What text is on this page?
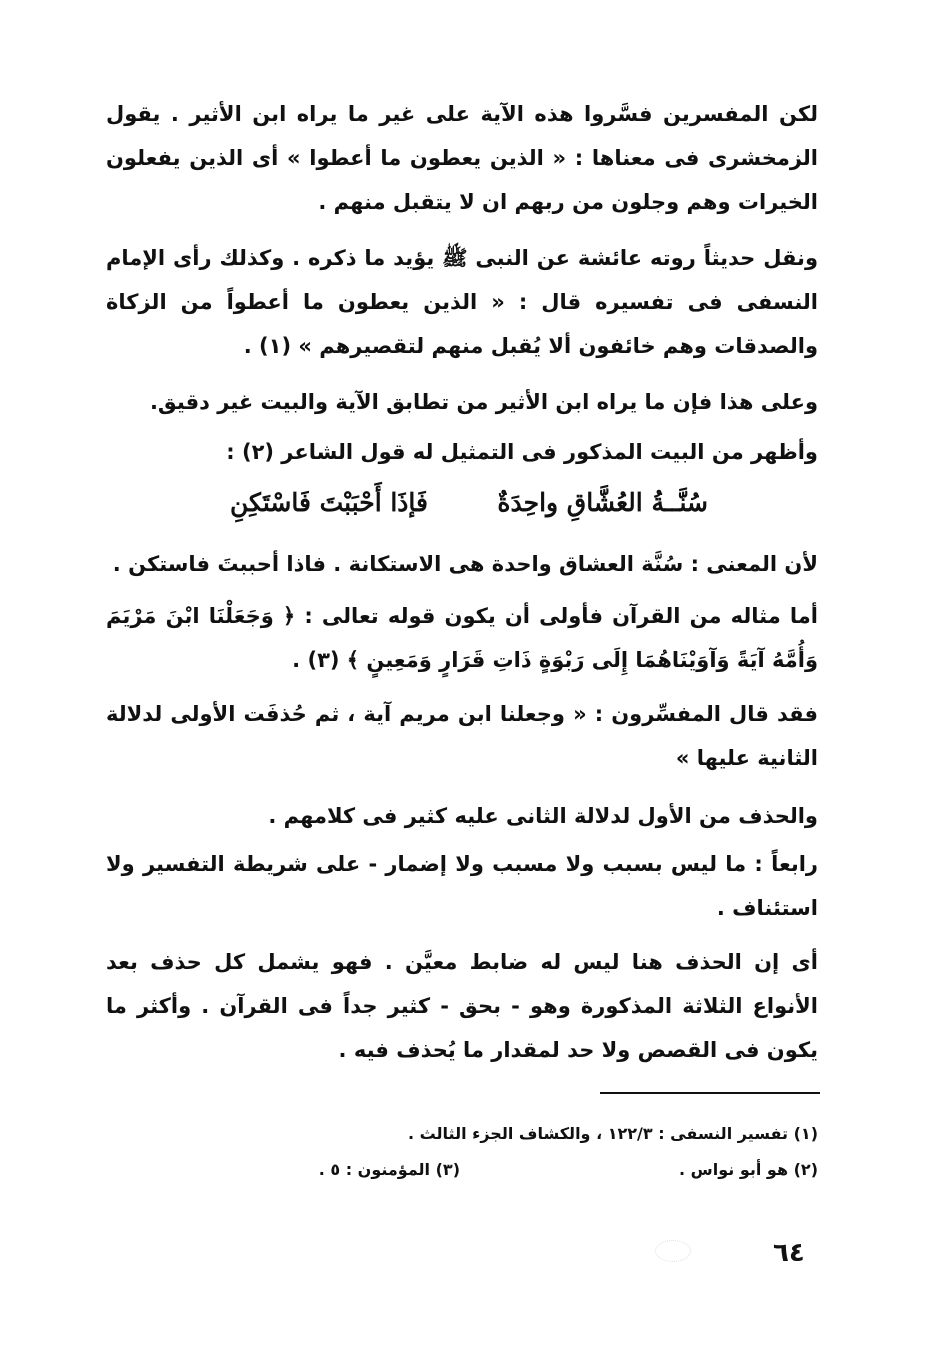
لكن المفسرين فسَّروا هذه الآية على غير ما يراه ابن الأثير . يقول الزمخشرى فى معناها : « الذين يعطون ما أعطوا » أى الذين يفعلون الخيرات وهم وجلون من ربهم ان لا يتقبل منهم .

ونقل حديثاً روته عائشة عن النبى ﷺ يؤيد ما ذكره . وكذلك رأى الإمام النسفى فى تفسيره قال : « الذين يعطون ما أعطواً من الزكاة والصدقات وهم خائفون ألا يُقبل منهم لتقصيرهم » (١) .

وعلى هذا فإن ما يراه ابن الأثير من تطابق الآية والبيت غير دقيق.

وأظهر من البيت المذكور فى التمثيل له قول الشاعر (٢) :

سُنَّــةُ العُشَّاقِ واحِدَةٌ
فَإذَا أَحْبَبْتَ فَاسْتَكِنِ

لأن المعنى : سُنَّة العشاق واحدة هى الاستكانة . فاذا أحببتَ فاستكن .

أما مثاله من القرآن فأولى أن يكون قوله تعالى : ﴿ وَجَعَلْنَا ابْنَ مَرْيَمَ وَأُمَّهُ آيَةً وَآوَيْنَاهُمَا إِلَى رَبْوَةٍ ذَاتِ قَرَارٍ وَمَعِينٍ ﴾ (٣) .

فقد قال المفسِّرون : « وجعلنا ابن مريم آية ، ثم حُذفَت الأولى لدلالة الثانية عليها »

والحذف من الأول لدلالة الثانى عليه كثير فى كلامهم .

رابعاً : ما ليس بسبب ولا مسبب ولا إضمار - على شريطة التفسير ولا استئناف .

أى إن الحذف هنا ليس له ضابط معيَّن . فهو يشمل كل حذف بعد الأنواع الثلاثة المذكورة وهو - بحق - كثير جداً فى القرآن . وأكثر ما يكون فى القصص ولا حد لمقدار ما يُحذف فيه .

(١) تفسير النسفى : ١٢٢/٣ ، والكشاف الجزء الثالث .
(٢) هو أبو نواس .
(٣) المؤمنون : ٥ .
٦٤
